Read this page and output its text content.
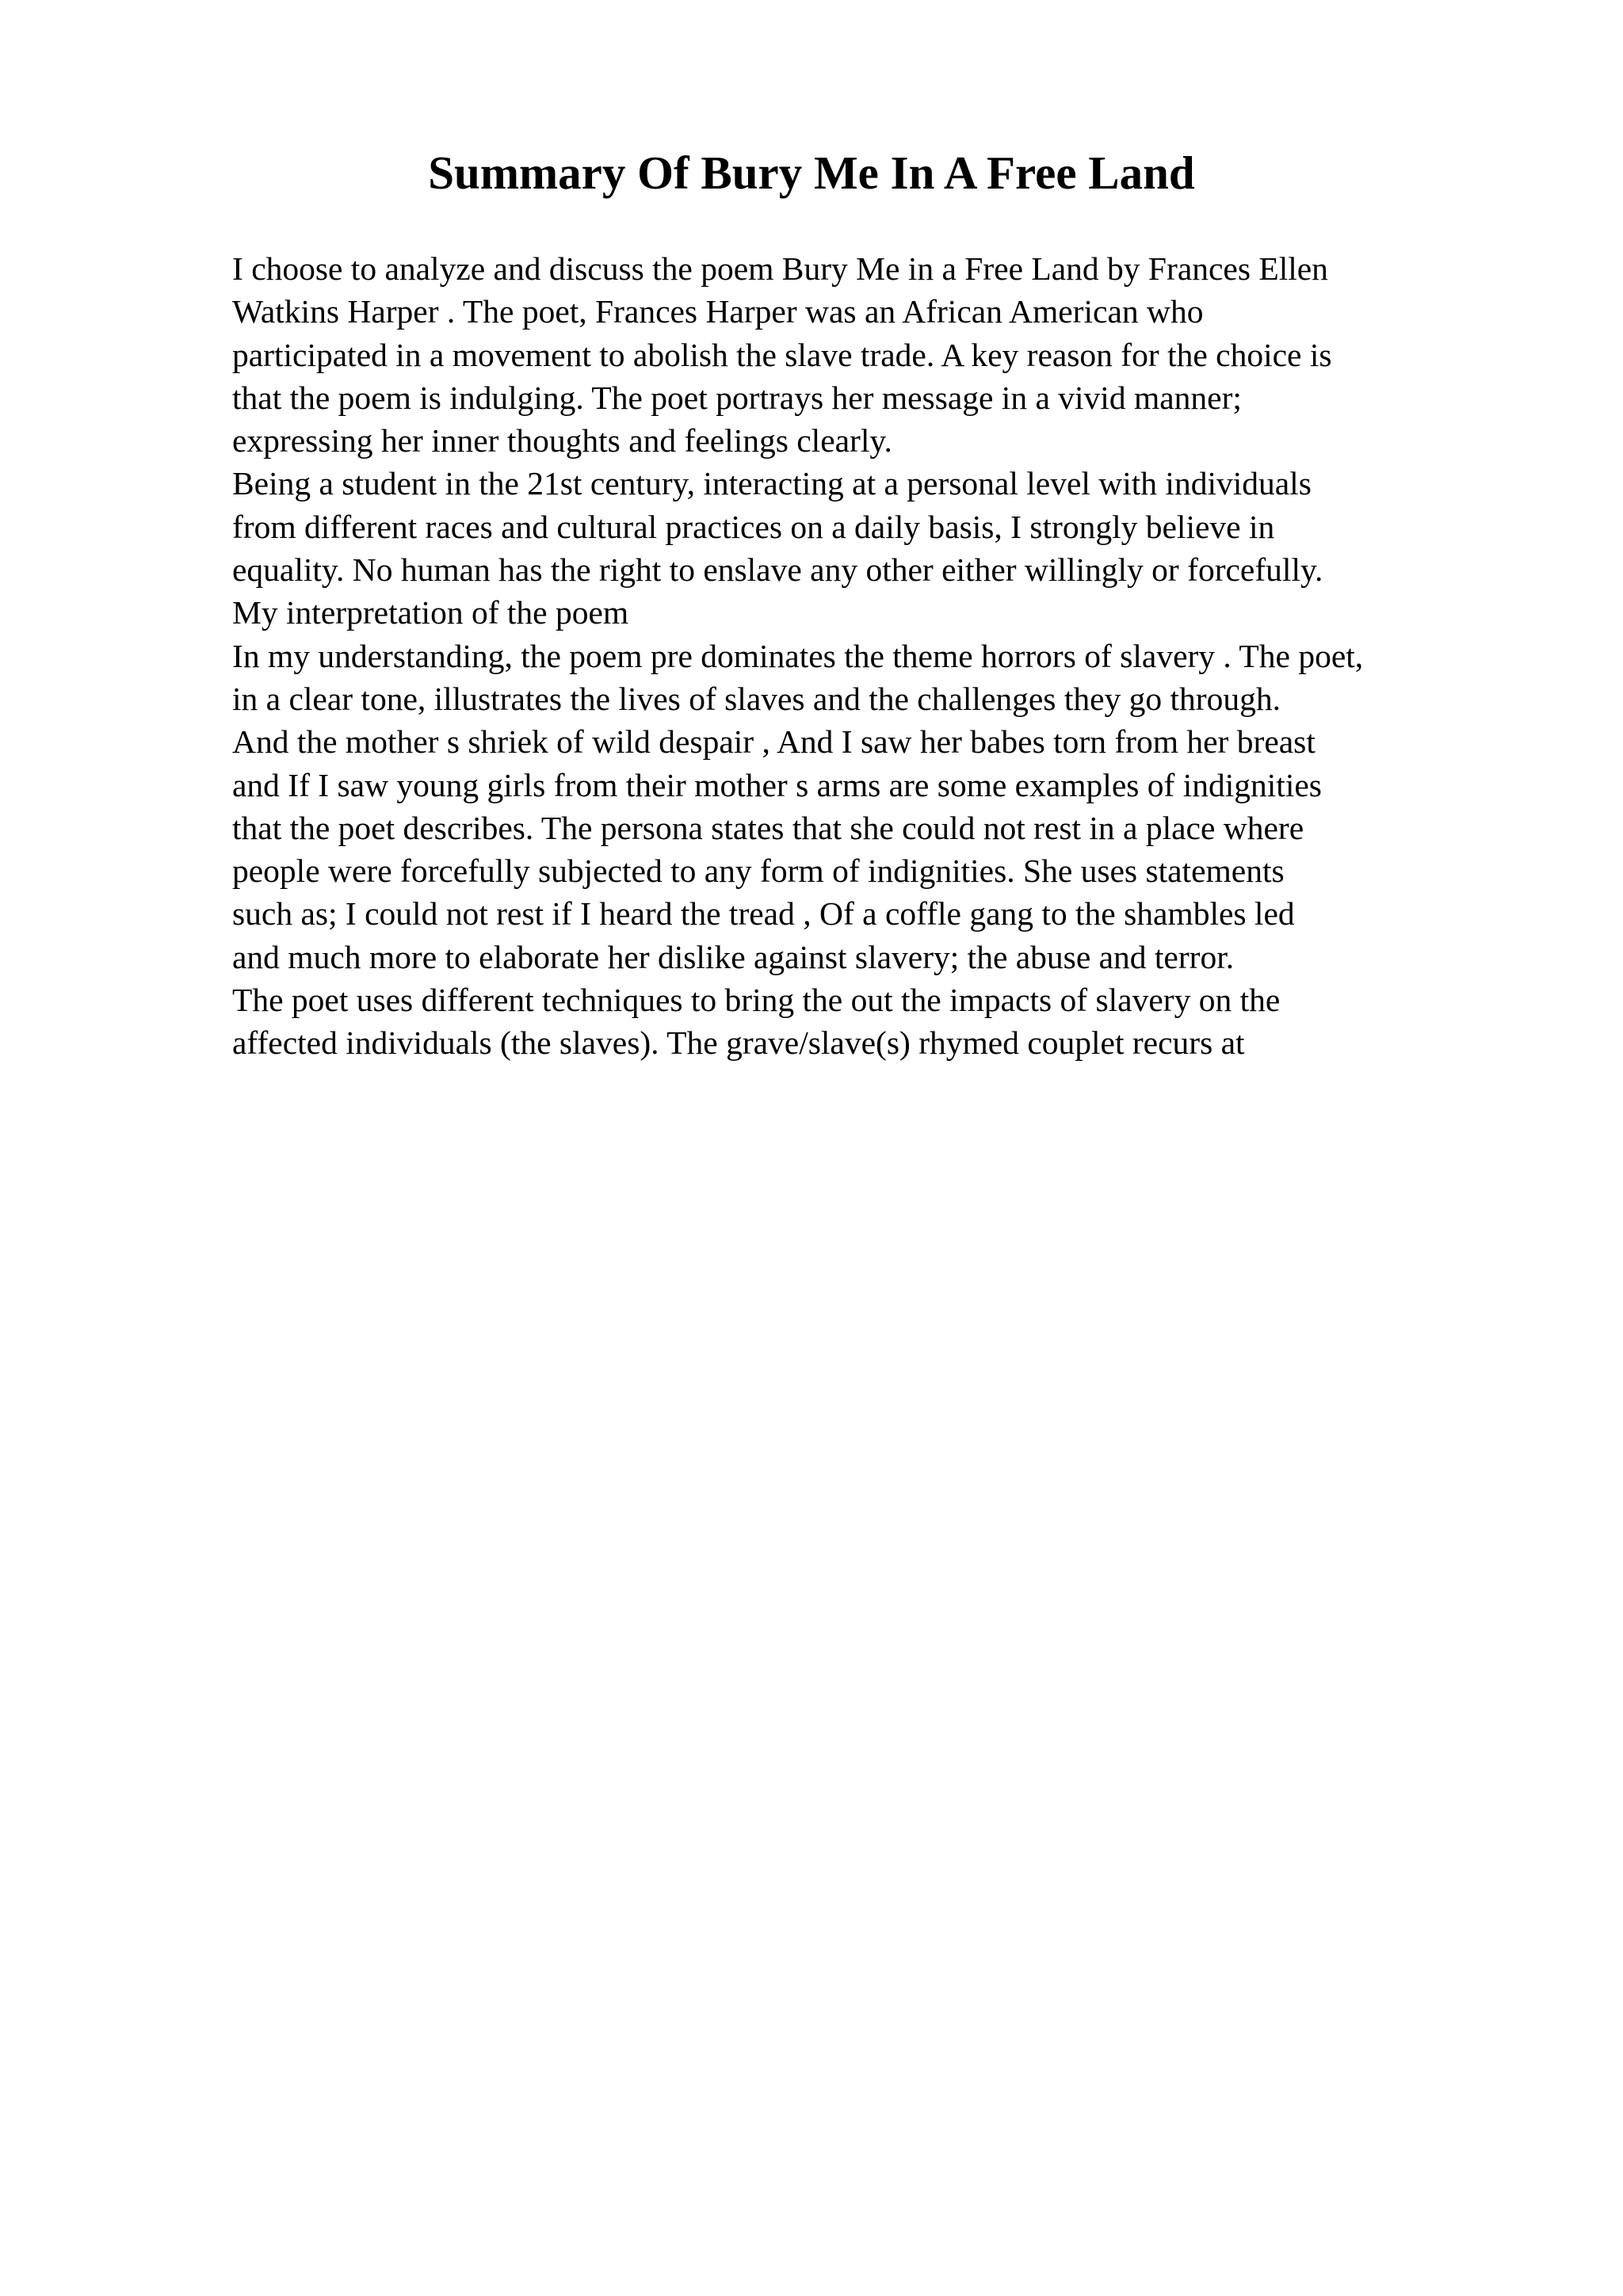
Summary Of Bury Me In A Free Land
I choose to analyze and discuss the poem Bury Me in a Free Land by Frances Ellen
Watkins Harper . The poet, Frances Harper was an African American who
participated in a movement to abolish the slave trade. A key reason for the choice is
that the poem is indulging. The poet portrays her message in a vivid manner;
expressing her inner thoughts and feelings clearly.
Being a student in the 21st century, interacting at a personal level with individuals
from different races and cultural practices on a daily basis, I strongly believe in
equality. No human has the right to enslave any other either willingly or forcefully.
My interpretation of the poem
In my understanding, the poem pre dominates the theme horrors of slavery . The poet,
in a clear tone, illustrates the lives of slaves and the challenges they go through.
And the mother s shriek of wild despair , And I saw her babes torn from her breast
and If I saw young girls from their mother s arms are some examples of indignities
that the poet describes. The persona states that she could not rest in a place where
people were forcefully subjected to any form of indignities. She uses statements
such as; I could not rest if I heard the tread , Of a coffle gang to the shambles led
and much more to elaborate her dislike against slavery; the abuse and terror.
The poet uses different techniques to bring the out the impacts of slavery on the
affected individuals (the slaves). The grave/slave(s) rhymed couplet recurs at
